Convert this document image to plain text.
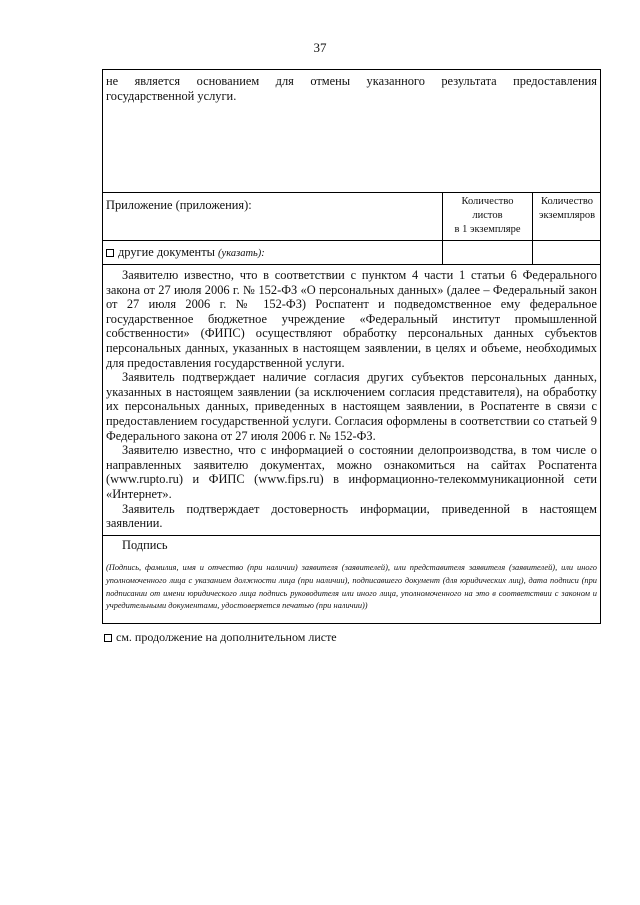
37

не является основанием для отмены указанного результата предоставления

государственной услуги.

Приложение (приложения):	Количество
листов
в 1 экземпляре
Количество
экземпляров
другие документы (указать):

Заявителю известно, что в соответствии с пунктом 4 части 1 статьи 6 Федерального закона от 27 июля 2006 г. № 152-ФЗ «О персональных данных» (далее – Федеральный закон от 27 июля 2006 г. № 152-ФЗ) Роспатент и подведомственное ему федеральное государственное бюджетное учреждение «Федеральный институт промышленной собственности» (ФИПС) осуществляют обработку персональных данных субъектов персональных данных, указанных в настоящем заявлении, в целях и объеме, необходимых для предоставления государственной услуги.

Заявитель подтверждает наличие согласия других субъектов персональных данных, указанных в настоящем заявлении (за исключением согласия представителя), на обработку их персональных данных, приведенных в настоящем заявлении, в Роспатенте в связи с предоставлением государственной услуги. Согласия оформлены в соответствии со статьей 9 Федерального закона от 27 июля 2006 г. № 152-ФЗ.

Заявителю известно, что с информацией о состоянии делопроизводства, в том числе о направленных заявителю документах, можно ознакомиться на сайтах Роспатента (www.rupto.ru) и ФИПС (www.fips.ru) в информационно-телекоммуникационной сети «Интернет».

Заявитель подтверждает достоверность информации, приведенной в настоящем заявлении.

Подпись

(Подпись, фамилия, имя и отчество (при наличии) заявителя (заявителей), или представителя заявителя (заявителей), или иного уполномоченного лица с указанием должности лица (при наличии), подписавшего документ (для юридических лиц), дата подписи (при подписании от имени юридического лица подпись руководителя или иного лица, уполномоченного на это в соответствии с законом и учредительными документами, удостоверяется печатью (при наличии))

см. продолжение на дополнительном листе
